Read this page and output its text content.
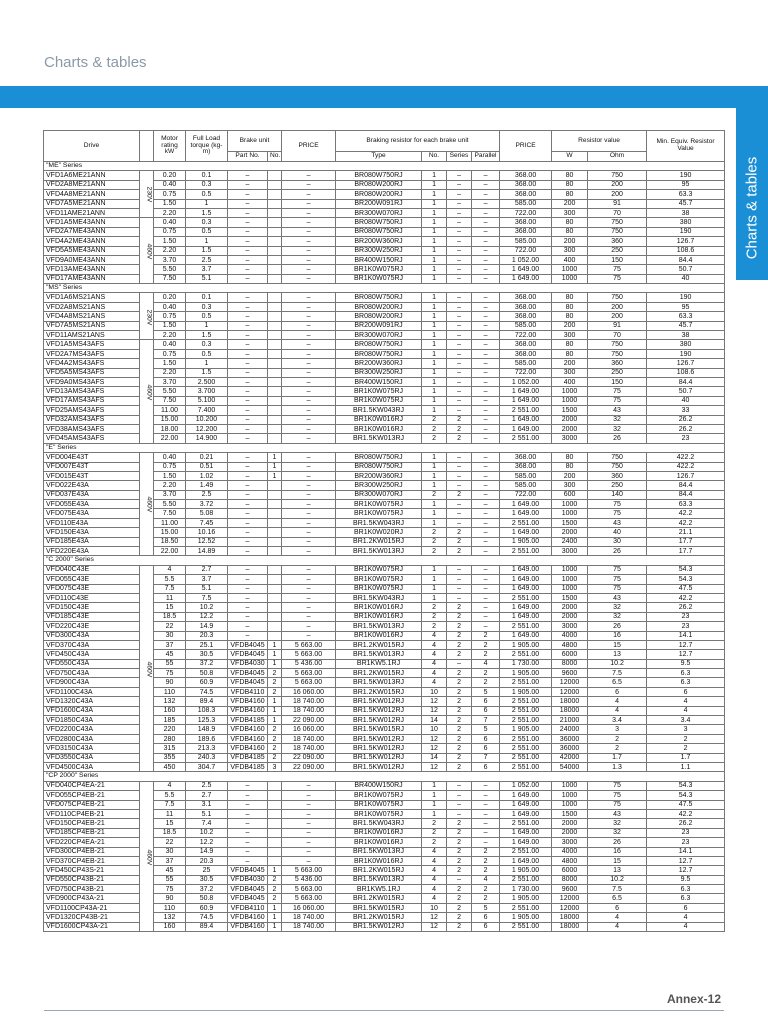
Charts & tables
Charts & tables
Drive		Motor rating kW	Full Load torque (kg-m)	Brake unit		PRICE	Braking resistor for each brake unit				PRICE	Resistor value		Min. Equiv. Resistor Value
				Part No.	No.		Type	No.	Series	Parallel		W	Ohm	
"ME" Series														
VFD1A6ME21ANN	230V	0.20	0.1	–		–	BR080W750RJ	1	–	–	368.00	80	750	190
VFD2A8ME21ANN		0.40	0.3	–		–	BR080W200RJ	1	–	–	368.00	80	200	95
VFD4A8ME21ANN		0.75	0.5	–		–	BR080W200RJ	1	–	–	368.00	80	200	63.3
VFD7A5ME21ANN		1.50	1	–		–	BR200W091RJ	1	–	–	585.00	200	91	45.7
VFD11AME21ANN		2.20	1.5	–		–	BR300W070RJ	1	–	–	722.00	300	70	38
VFD1A5ME43ANN	460V	0.40	0.3	–		–	BR080W750RJ	1	–	–	368.00	80	750	380
VFD2A7ME43ANN		0.75	0.5	–		–	BR080W750RJ	1	–	–	368.00	80	750	190
VFD4A2ME43ANN		1.50	1	–		–	BR200W360RJ	1	–	–	585.00	200	360	126.7
VFD5A5ME43ANN		2.20	1.5	–		–	BR300W250RJ	1	–	–	722.00	300	250	108.6
VFD9A0ME43ANN		3.70	2.5	–		–	BR400W150RJ	1	–	–	1 052.00	400	150	84.4
VFD13AME43ANN		5.50	3.7	–		–	BR1K0W075RJ	1	–	–	1 649.00	1000	75	50.7
VFD17AME43ANN		7.50	5.1	–		–	BR1K0W075RJ	1	–	–	1 649.00	1000	75	40
"MS" Series														
VFD1A6MS21ANS	230V	0.20	0.1	–		–	BR080W750RJ	1	–	–	368.00	80	750	190
VFD2A8MS21ANS		0.40	0.3	–		–	BR080W200RJ	1	–	–	368.00	80	200	95
VFD4A8MS21ANS		0.75	0.5	–		–	BR080W200RJ	1	–	–	368.00	80	200	63.3
VFD7A5MS21ANS		1.50	1	–		–	BR200W091RJ	1	–	–	585.00	200	91	45.7
VFD11AMS21ANS		2.20	1.5	–		–	BR300W070RJ	1	–	–	722.00	300	70	38
VFD1A5MS43AFS	460V	0.40	0.3	–		–	BR080W750RJ	1	–	–	368.00	80	750	380
VFD2A7MS43AFS		0.75	0.5	–		–	BR080W750RJ	1	–	–	368.00	80	750	190
VFD4A2MS43AFS		1.50	1	–		–	BR200W360RJ	1	–	–	585.00	200	360	126.7
VFD5A5MS43AFS		2.20	1.5	–		–	BR300W250RJ	1	–	–	722.00	300	250	108.6
VFD9A0MS43AFS		3.70	2.500	–		–	BR400W150RJ	1	–	–	1 052.00	400	150	84.4
VFD13AMS43AFS		5.50	3.700	–		–	BR1K0W075RJ	1	–	–	1 649.00	1000	75	50.7
VFD17AMS43AFS		7.50	5.100	–		–	BR1K0W075RJ	1	–	–	1 649.00	1000	75	40
VFD25AMS43AFS		11.00	7.400	–		–	BR1.5KW043RJ	1	–	–	2 551.00	1500	43	33
VFD32AMS43AFS		15.00	10.200	–		–	BR1K0W016RJ	2	2	–	1 649.00	2000	32	26.2
VFD38AMS43AFS		18.00	12.200	–		–	BR1K0W016RJ	2	2	–	1 649.00	2000	32	26.2
VFD45AMS43AFS		22.00	14.900	–		–	BR1.5KW013RJ	2	2	–	2 551.00	3000	26	23
"E" Series														
VFD004E43T	460V	0.40	0.21	–	1	–	BR080W750RJ	1	–	–	368.00	80	750	422.2
VFD007E43T		0.75	0.51	–	1	–	BR080W750RJ	1	–	–	368.00	80	750	422.2
VFD015E43T		1.50	1.02	–	1	–	BR200W360RJ	1	–	–	585.00	200	360	126.7
VFD022E43A		2.20	1.49	–		–	BR300W250RJ	1	–	–	585.00	300	250	84.4
VFD037E43A		3.70	2.5	–		–	BR300W070RJ	2	2	–	722.00	600	140	84.4
VFD055E43A		5.50	3.72	–		–	BR1K0W075RJ	1	–	–	1 649.00	1000	75	63.3
VFD075E43A		7.50	5.08	–		–	BR1K0W075RJ	1	–	–	1 649.00	1000	75	42.2
VFD110E43A		11.00	7.45	–		–	BR1.5KW043RJ	1	–	–	2 551.00	1500	43	42.2
VFD150E43A		15.00	10.16	–		–	BR1K0W020RJ	2	2	–	1 649.00	2000	40	21.1
VFD185E43A		18.50	12.52	–		–	BR1.2KW015RJ	2	2	–	1 905.00	2400	30	17.7
VFD220E43A		22.00	14.89	–		–	BR1.5KW013RJ	2	2	–	2 551.00	3000	26	17.7
"C 2000" Series														
VFD040C43E	460V	4	2.7	–		–	BR1K0W075RJ	1	–	–	1 649.00	1000	75	54.3
VFD055C43E		5.5	3.7	–		–	BR1K0W075RJ	1	–	–	1 649.00	1000	75	54.3
VFD075C43E		7.5	5.1	–		–	BR1K0W075RJ	1	–	–	1 649.00	1000	75	47.5
VFD110C43E		11	7.5	–		–	BR1.5KW043RJ	1	–	–	2 551.00	1500	43	42.2
VFD150C43E		15	10.2	–		–	BR1K0W016RJ	2	2	–	1 649.00	2000	32	26.2
VFD185C43E		18.5	12.2	–		–	BR1K0W016RJ	2	2	–	1 649.00	2000	32	23
VFD220C43E		22	14.9	–		–	BR1.5KW013RJ	2	2	–	2 551.00	3000	26	23
VFD300C43A		30	20.3	–		–	BR1K0W016RJ	4	2	2	1 649.00	4000	16	14.1
VFD370C43A		37	25.1	VFDB4045	1	5 663.00	BR1.2KW015RJ	4	2	2	1 905.00	4800	15	12.7
VFD450C43A		45	30.5	VFDB4045	1	5 663.00	BR1.5KW013RJ	4	2	2	2 551.00	6000	13	12.7
VFD550C43A		55	37.2	VFDB4030	1	5 436.00	BR1KW5.1RJ	4	–	4	1 730.00	8000	10.2	9.5
VFD750C43A		75	50.8	VFDB4045	2	5 663.00	BR1.2KW015RJ	4	2	2	1 905.00	9600	7.5	6.3
VFD900C43A		90	60.9	VFDB4045	2	5 663.00	BR1.5KW013RJ	4	2	2	2 551.00	12000	6.5	6.3
VFD1100C43A		110	74.5	VFDB4110	2	16 060.00	BR1.2KW015RJ	10	2	5	1 905.00	12000	6	6
VFD1320C43A		132	89.4	VFDB4160	1	18 740.00	BR1.5KW012RJ	12	2	6	2 551.00	18000	4	4
VFD1600C43A		160	108.3	VFDB4160	1	18 740.00	BR1.5KW012RJ	12	2	6	2 551.00	18000	4	4
VFD1850C43A		185	125.3	VFDB4185	1	22 090.00	BR1.5KW012RJ	14	2	7	2 551.00	21000	3.4	3.4
VFD2200C43A		220	148.9	VFDB4160	2	16 060.00	BR1.5KW015RJ	10	2	5	1 905.00	24000	3	3
VFD2800C43A		280	189.6	VFDB4160	2	18 740.00	BR1.5KW012RJ	12	2	6	2 551.00	36000	2	2
VFD3150C43A		315	213.3	VFDB4160	2	18 740.00	BR1.5KW012RJ	12	2	6	2 551.00	36000	2	2
VFD3550C43A		355	240.3	VFDB4185	2	22 090.00	BR1.5KW012RJ	14	2	7	2 551.00	42000	1.7	1.7
VFD4500C43A		450	304.7	VFDB4185	3	22 090.00	BR1.5KW012RJ	12	2	6	2 551.00	54000	1.3	1.1
"CP 2000" Series														
VFD040CP4EA-21	460V	4	2.5	–		–	BR400W150RJ	1	–	–	1 052.00	1000	75	54.3
VFD055CP4EB-21		5.5	2.7	–		–	BR1K0W075RJ	1	–	–	1 649.00	1000	75	54.3
VFD075CP4EB-21		7.5	3.1	–		–	BR1K0W075RJ	1	–	–	1 649.00	1000	75	47.5
VFD110CP4EB-21		11	5.1	–		–	BR1K0W075RJ	1	–	–	1 649.00	1500	43	42.2
VFD150CP4EB-21		15	7.4	–		–	BR1.5KW043RJ	2	2	–	2 551.00	2000	32	26.2
VFD185CP4EB-21		18.5	10.2	–		–	BR1K0W016RJ	2	2	–	1 649.00	2000	32	23
VFD220CP4EA-21		22	12.2	–		–	BR1K0W016RJ	2	2	–	1 649.00	3000	26	23
VFD300CP4EB-21		30	14.9	–		–	BR1.5KW013RJ	4	2	2	2 551.00	4000	16	14.1
VFD370CP4EB-21		37	20.3	–		–	BR1K0W016RJ	4	2	2	1 649.00	4800	15	12.7
VFD450CP43S-21		45	25	VFDB4045	1	5 663.00	BR1.2KW015RJ	4	2	2	1 905.00	6000	13	12.7
VFD550CP43B-21		55	30.5	VFDB4030	2	5 436.00	BR1.5KW013RJ	4	–	4	2 551.00	8000	10.2	9.5
VFD750CP43B-21		75	37.2	VFDB4045	2	5 663.00	BR1KW5.1RJ	4	2	2	1 730.00	9600	7.5	6.3
VFD900CP43A-21		90	50.8	VFDB4045	2	5 663.00	BR1.2KW015RJ	4	2	2	1 905.00	12000	6.5	6.3
VFD1100CP43A-21		110	60.9	VFDB4110	1	16 060.00	BR1.5KW015RJ	10	2	5	2 551.00	12000	6	6
VFD1320CP43B-21		132	74.5	VFDB4160	1	18 740.00	BR1.2KW015RJ	12	2	6	1 905.00	18000	4	4
VFD1600CP43A-21		160	89.4	VFDB4160	1	18 740.00	BR1.5KW012RJ	12	2	6	2 551.00	18000	4	4
Annex-12
